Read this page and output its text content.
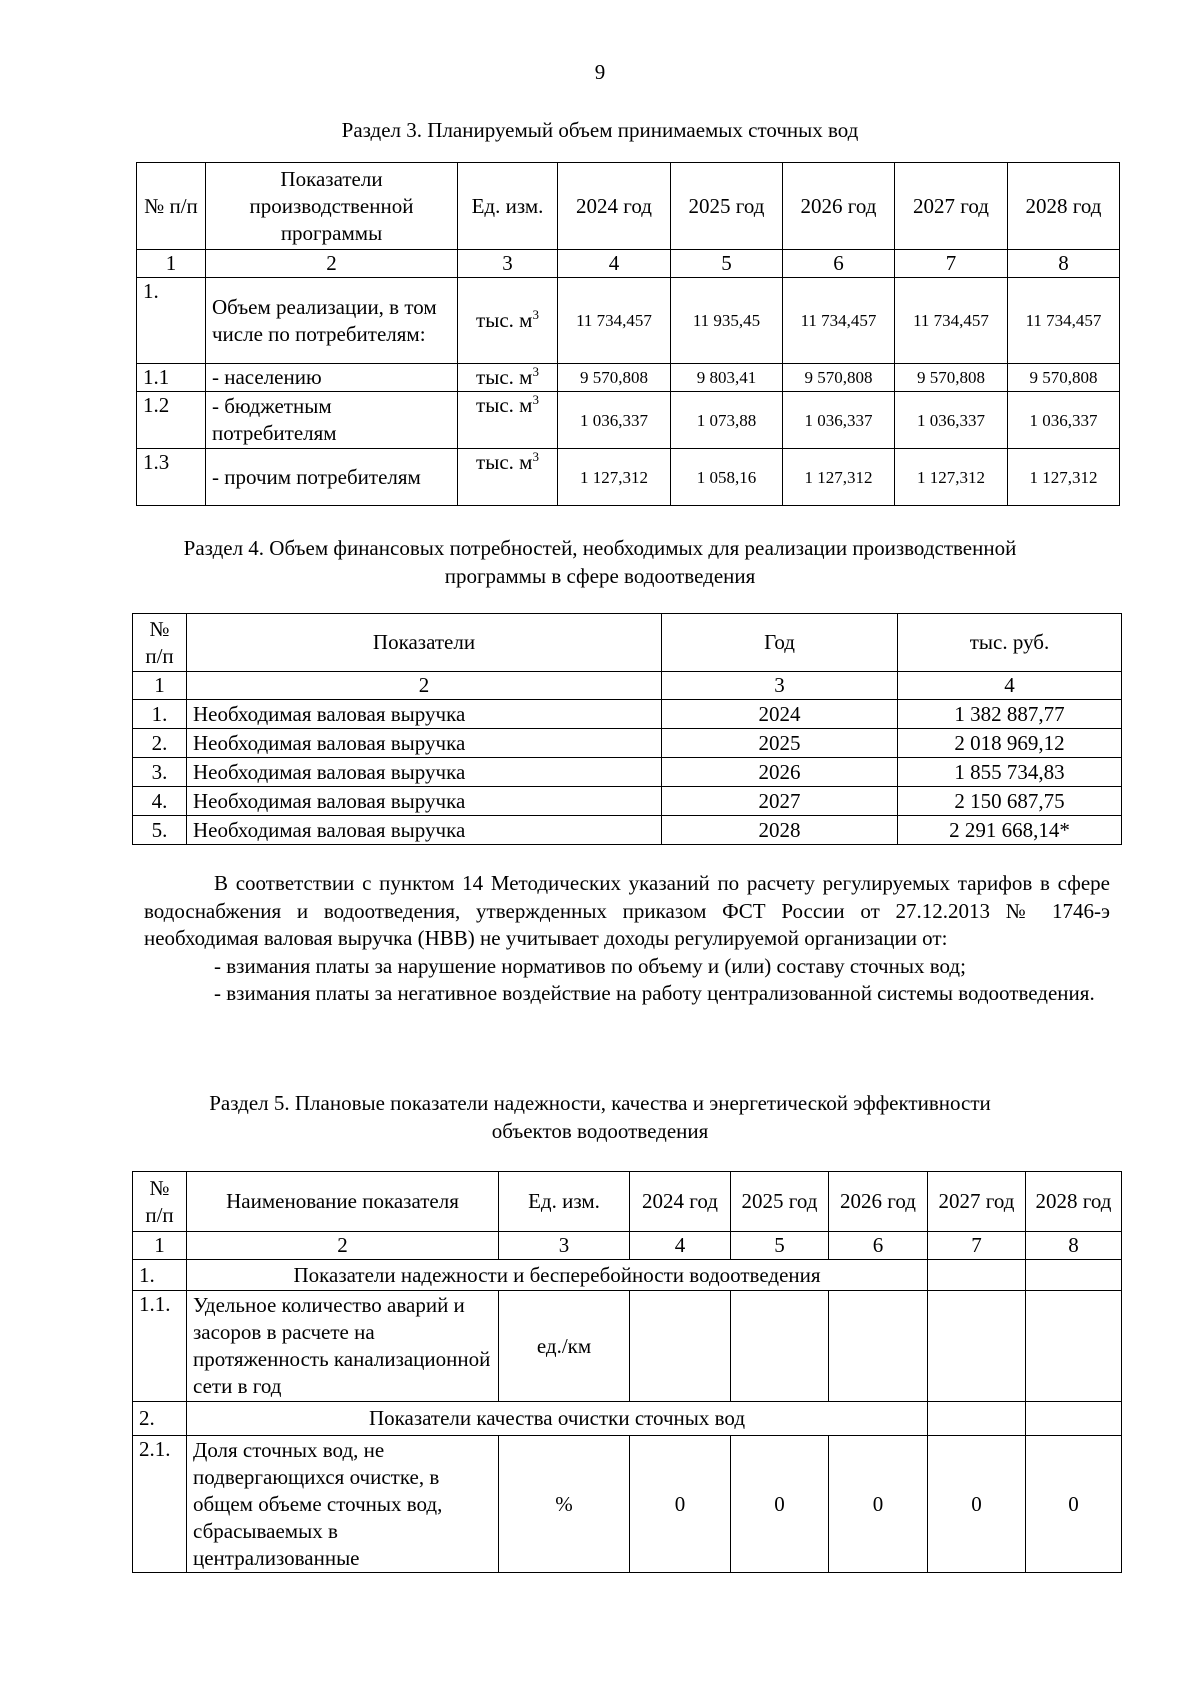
9
Раздел 3. Планируемый объем принимаемых сточных вод
№ п/п	Показатели производственной программы	Ед. изм.	2024 год	2025 год	2026 год	2027 год	2028 год
1	2	3	4	5	6	7	8
1.	Объем реализации, в том числе по потребителям:	тыс. $м^3$	11 734,457	11 935,45	11 734,457	11 734,457	11 734,457
1.1	- населению	тыс. $м^3$	9 570,808	9 803,41	9 570,808	9 570,808	9 570,808
1.2	- бюджетным потребителям	тыс. $м^3$	1 036,337	1 073,88	1 036,337	1 036,337	1 036,337
1.3	- прочим потребителям	тыс. $м^3$	1 127,312	1 058,16	1 127,312	1 127,312	1 127,312
Раздел 4. Объем финансовых потребностей, необходимых для реализации производственной
программы в сфере водоотведения
№ п/п	Показатели	Год	тыс. руб.
1	2	3	4
1.	Необходимая валовая выручка	2024	1 382 887,77
2.	Необходимая валовая выручка	2025	2 018 969,12
3.	Необходимая валовая выручка	2026	1 855 734,83
4.	Необходимая валовая выручка	2027	2 150 687,75
5.	Необходимая валовая выручка	2028	2 291 668,14*

В соответствии с пунктом 14 Методических указаний по расчету регулируемых тарифов в сфере водоснабжения и водоотведения, утвержденных приказом ФСТ России от 27.12.2013 № 1746-э необходимая валовая выручка (НВВ) не учитывает доходы регулируемой организации от:

- взимания платы за нарушение нормативов по объему и (или) составу сточных вод;

- взимания платы за негативное воздействие на работу централизованной системы водоотведения.

Раздел 5. Плановые показатели надежности, качества и энергетической эффективности
объектов водоотведения
№ п/п	Наименование показателя	Ед. изм.	2024 год	2025 год	2026 год	2027 год	2028 год
1	2	3	4	5	6	7	8
1.	Показатели надежности и бесперебойности водоотведения						
1.1.	Удельное количество аварий и засоров в расчете на протяженность канализационной сети в год	ед./км					
2.	Показатели качества очистки сточных вод						
2.1.	Доля сточных вод, не подвергающихся очистке, в общем объеме сточных вод, сбрасываемых в централизованные	%	0	0	0	0	0
